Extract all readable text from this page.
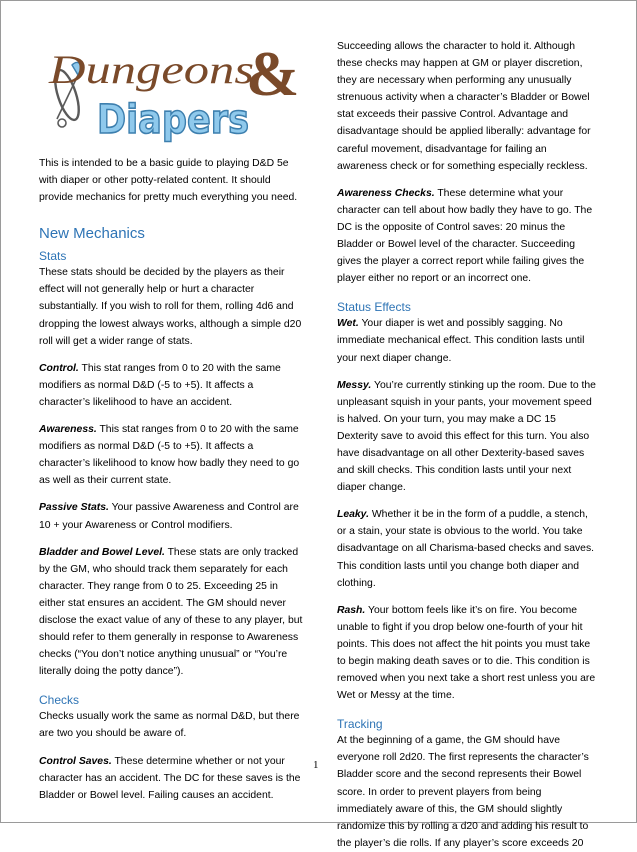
Dungeons
&
Diapers

This is intended to be a basic guide to playing D&D 5e with diaper or other potty-related content. It should provide mechanics for pretty much everything you need.

New Mechanics

Stats

These stats should be decided by the players as their effect will not generally help or hurt a character substantially. If you wish to roll for them, rolling 4d6 and dropping the lowest always works, although a simple d20 roll will get a wider range of stats.

Control. This stat ranges from 0 to 20 with the same modifiers as normal D&D (-5 to +5). It affects a character’s likelihood to have an accident.

Awareness. This stat ranges from 0 to 20 with the same modifiers as normal D&D (-5 to +5). It affects a character’s likelihood to know how badly they need to go as well as their current state.

Passive Stats. Your passive Awareness and Control are 10 + your Awareness or Control modifiers.

Bladder and Bowel Level. These stats are only tracked by the GM, who should track them separately for each character. They range from 0 to 25. Exceeding 25 in either stat ensures an accident. The GM should never disclose the exact value of any of these to any player, but should refer to them generally in response to Awareness checks (“You don’t notice anything unusual” or “You’re literally doing the potty dance”).

Checks

Checks usually work the same as normal D&D, but there are two you should be aware of.

Control Saves. These determine whether or not your character has an accident. The DC for these saves is the Bladder or Bowel level. Failing causes an accident.

Succeeding allows the character to hold it. Although these checks may happen at GM or player discretion, they are necessary when performing any unusually strenuous activity when a character’s Bladder or Bowel stat exceeds their passive Control. Advantage and disadvantage should be applied liberally: advantage for careful movement, disadvantage for failing an awareness check or for something especially reckless.

Awareness Checks. These determine what your character can tell about how badly they have to go. The DC is the opposite of Control saves: 20 minus the Bladder or Bowel level of the character. Succeeding gives the player a correct report while failing gives the player either no report or an incorrect one.

Status Effects

Wet. Your diaper is wet and possibly sagging. No immediate mechanical effect. This condition lasts until your next diaper change.

Messy. You’re currently stinking up the room. Due to the unpleasant squish in your pants, your movement speed is halved. On your turn, you may make a DC 15 Dexterity save to avoid this effect for this turn. You also have disadvantage on all other Dexterity-based saves and skill checks. This condition lasts until your next diaper change.

Leaky. Whether it be in the form of a puddle, a stench, or a stain, your state is obvious to the world. You take disadvantage on all Charisma-based checks and saves. This condition lasts until you change both diaper and clothing.

Rash. Your bottom feels like it’s on fire. You become unable to fight if you drop below one-fourth of your hit points. This does not affect the hit points you must take to begin making death saves or to die. This condition is removed when you next take a short rest unless you are Wet or Messy at the time.

Tracking

At the beginning of a game, the GM should have everyone roll 2d20. The first represents the character’s Bladder score and the second represents their Bowel score. In order to prevent players from being immediately aware of this, the GM should slightly randomize this by rolling a d20 and adding his result to the player’s die rolls. If any player’s score exceeds 20

1
